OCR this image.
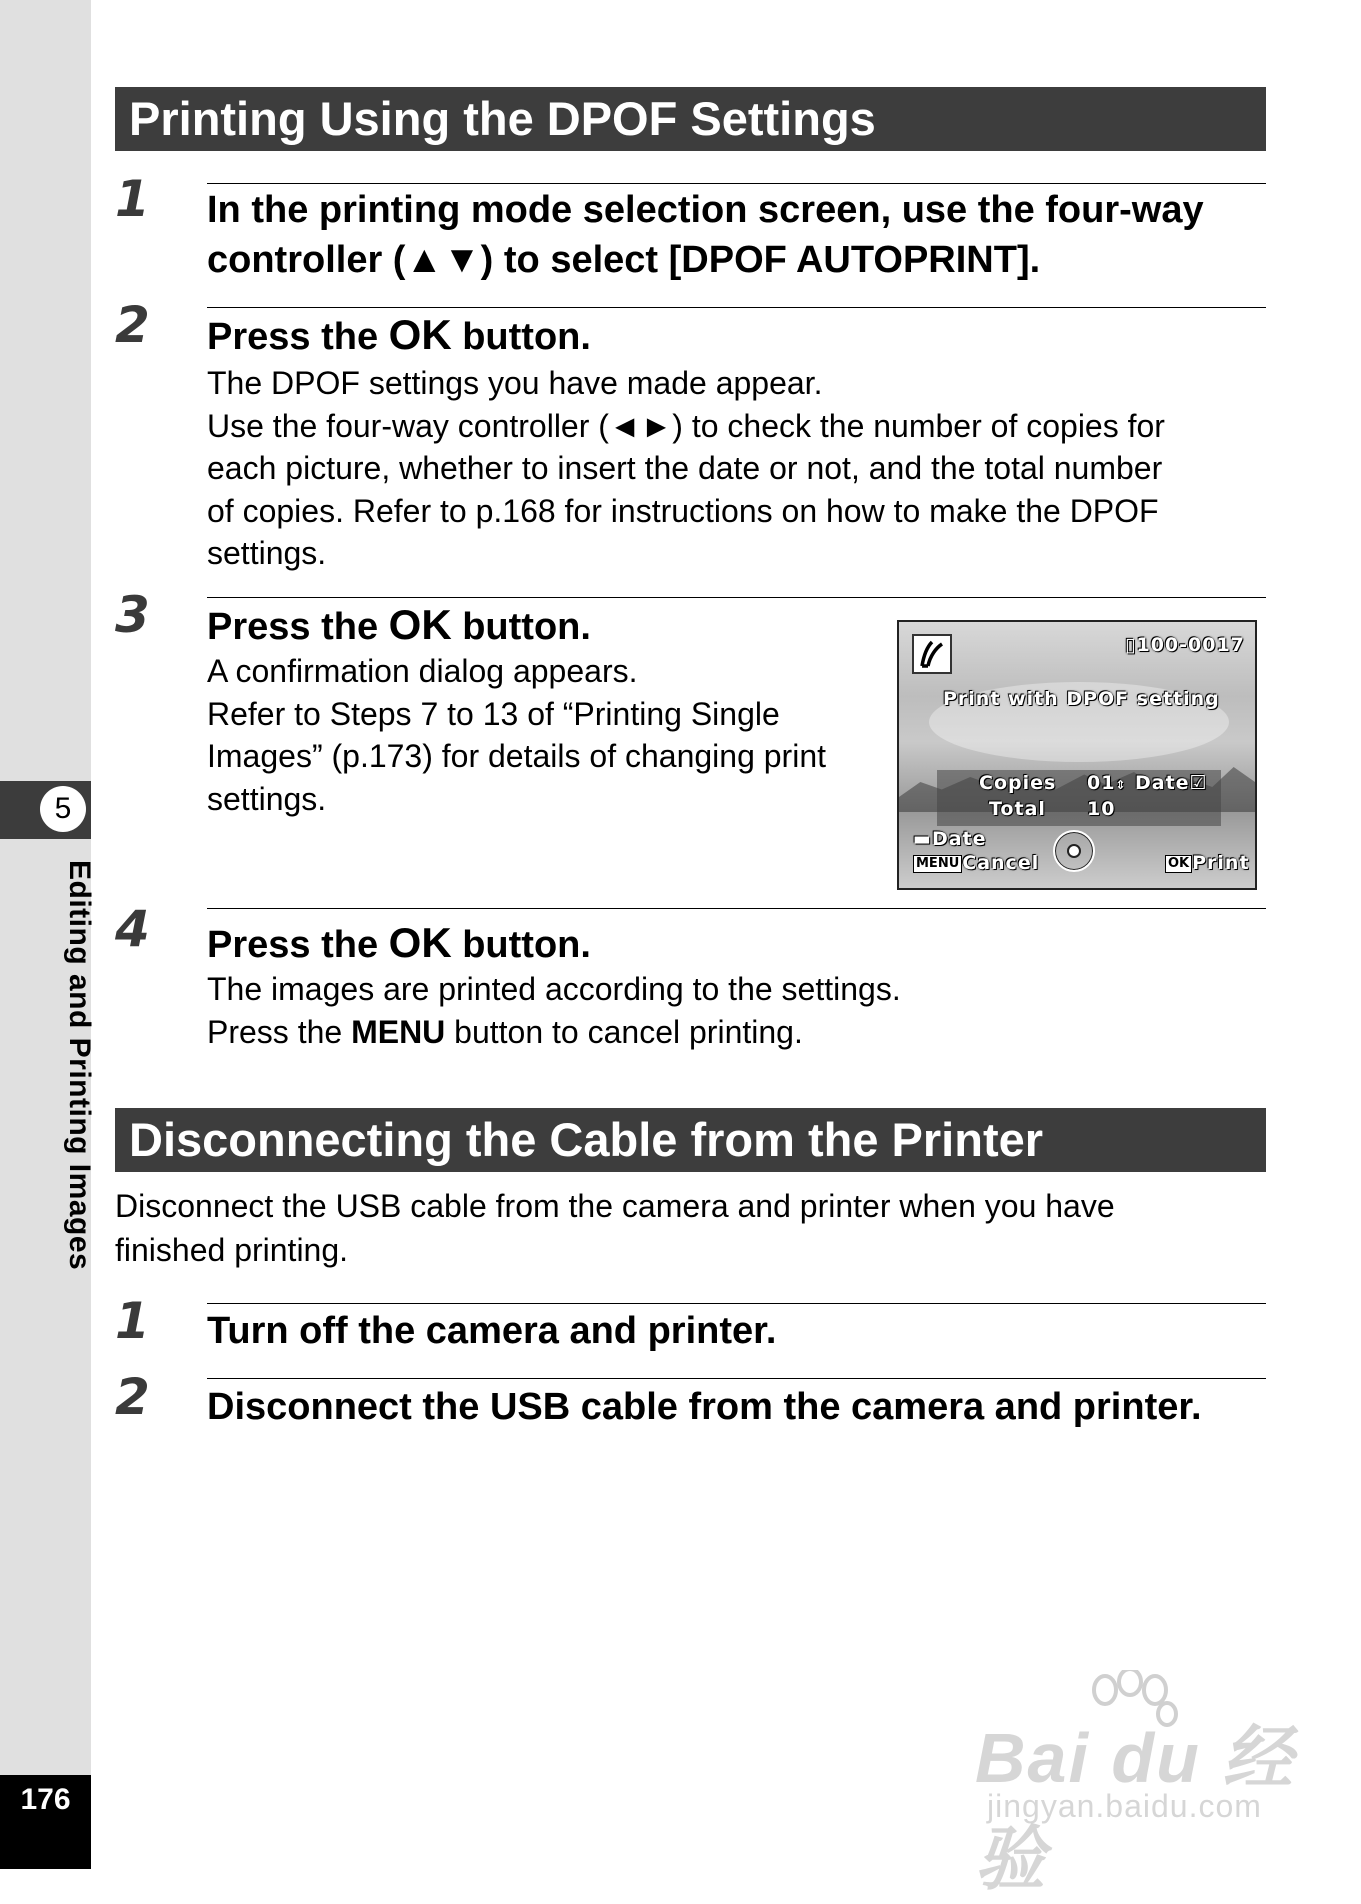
5
Editing and Printing Images
176
Printing Using the DPOF Settings
1 In the printing mode selection screen, use the four-way
controller (▲▼) to select [DPOF AUTOPRINT].
2 Press the OK button.
The DPOF settings you have made appear.
Use the four-way controller (◄►) to check the number of copies for
each picture, whether to insert the date or not, and the total number
of copies. Refer to p.168 for instructions on how to make the DPOF
settings.
3 Press the OK button.
A confirmation dialog appears.
Refer to Steps 7 to 13 of “Printing Single
Images” (p.173) for details of changing print
settings.
▯100-0017
Print with DPOF setting
Copies 01⇕ Date☑
Total 10
▬Date
MENU Cancel	OK Print
4 Press the OK button.
The images are printed according to the settings.
Press the MENU button to cancel printing.
Disconnecting the Cable from the Printer
Disconnect the USB cable from the camera and printer when you have
finished printing.
1 Turn off the camera and printer.
2 Disconnect the USB cable from the camera and printer.
Bai du 经验
jingyan.baidu.com
